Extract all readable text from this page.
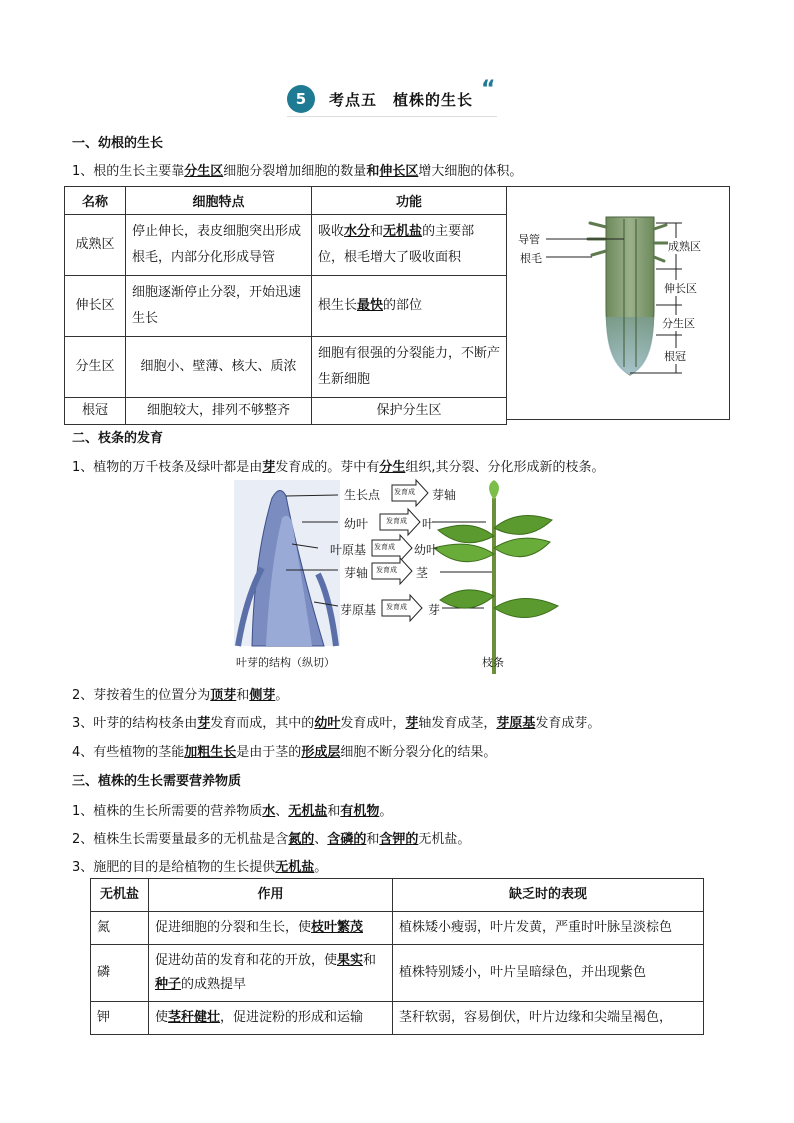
5	考点五　植株的生长 “
一、幼根的生长
1、根的生长主要靠分生区细胞分裂增加细胞的数量和伸长区增大细胞的体积。
名称	细胞特点	功能
成熟区	停止伸长，表皮细胞突出形成根毛，内部分化形成导管	吸收水分和无机盐的主要部位，根毛增大了吸收面积
伸长区	细胞逐渐停止分裂，开始迅速生长	根生长最快的部位
分生区	细胞小、壁薄、核大、质浓	细胞有很强的分裂能力，不断产生新细胞
根冠	细胞较大，排列不够整齐	保护分生区
导管
根毛
成熟区
伸长区
分生区
根冠
二、枝条的发育
1、植物的万千枝条及绿叶都是由芽发育成的。芽中有分生组织,其分裂、分化形成新的枝条。
生长点 发育成 芽轴
幼叶	发育成 叶
叶原基 发育成 幼叶
芽轴 发育成 茎
芽原基 发育成 芽
叶芽的结构（纵切）	枝条
2、芽按着生的位置分为顶芽和侧芽。
3、叶芽的结构枝条由芽发育而成，其中的幼叶发育成叶，芽轴发育成茎，芽原基发育成芽。
4、有些植物的茎能加粗生长是由于茎的形成层细胞不断分裂分化的结果。
三、植株的生长需要营养物质
1、植株的生长所需要的营养物质水、无机盐和有机物。
2、植株生长需要量最多的无机盐是含氮的、含磷的和含钾的无机盐。
3、施肥的目的是给植物的生长提供无机盐。
无机盐	作用	缺乏时的表现
氮	促进细胞的分裂和生长，使枝叶繁茂	植株矮小瘦弱，叶片发黄，严重时叶脉呈淡棕色
磷	促进幼苗的发育和花的开放，使果实和种子的成熟提早	植株特别矮小，叶片呈暗绿色，并出现紫色
钾	使茎秆健壮，促进淀粉的形成和运输	茎秆软弱，容易倒伏，叶片边缘和尖端呈褐色，
